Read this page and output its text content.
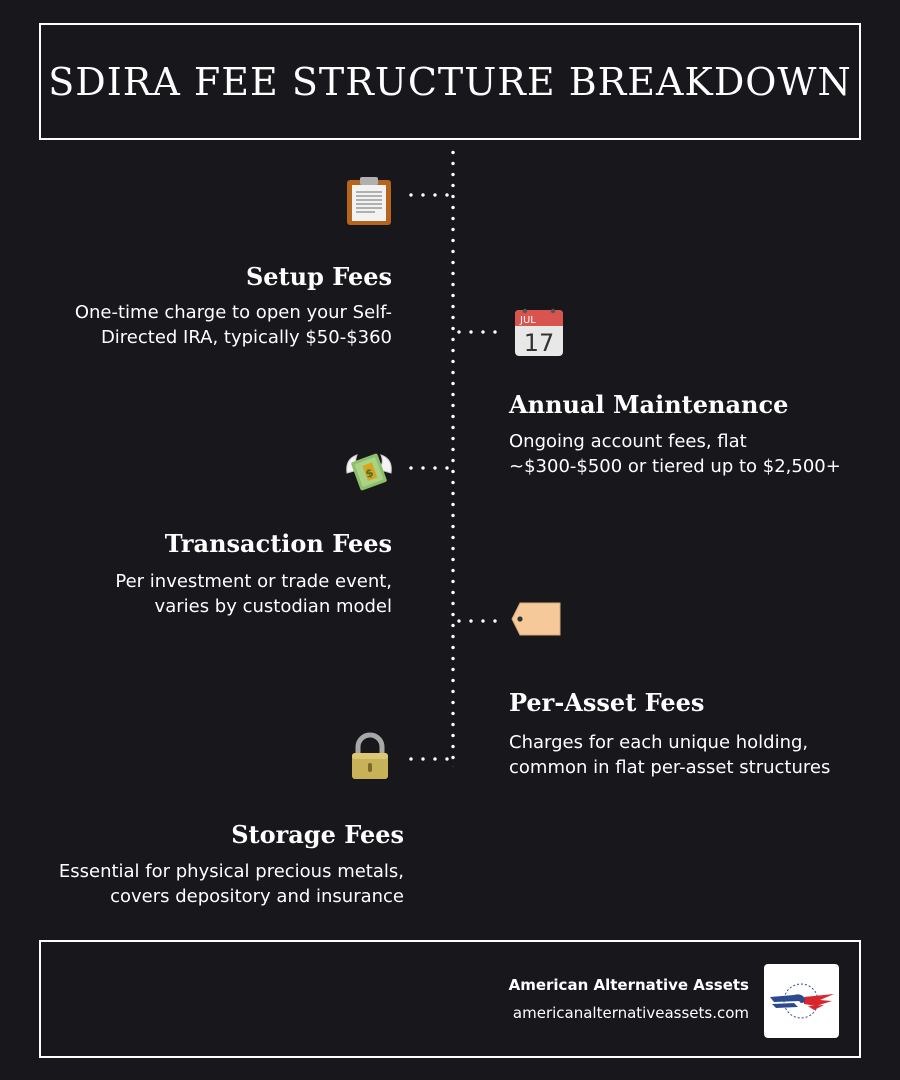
SDIRA FEE STRUCTURE BREAKDOWN
Setup Fees

One-time charge to open your Self-
Directed IRA, typically $50-$360

JUL
17
Annual Maintenance

Ongoing account fees, flat
~$300-$500 or tiered up to $2,500+

$
Transaction Fees

Per investment or trade event,
varies by custodian model

Per-Asset Fees

Charges for each unique holding,
common in flat per-asset structures

Storage Fees

Essential for physical precious metals,
covers depository and insurance

American Alternative Assets
americanalternativeassets.com
